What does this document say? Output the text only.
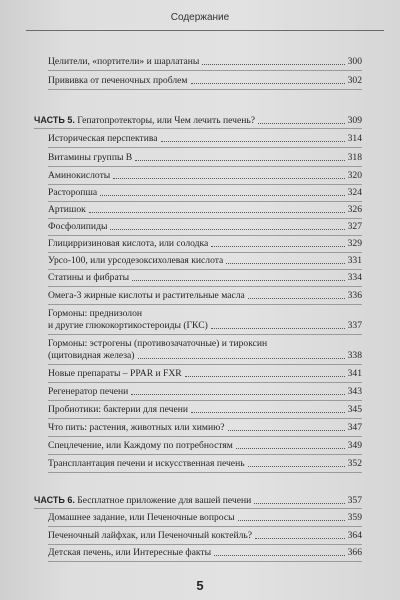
Содержание
Целители, «портители» и шарлатаны	300
Прививка от печеночных проблем	302
ЧАСТЬ 5. Гепатопротекторы, или Чем лечить печень?	309
Историческая перспектива	314
Витамины группы B	318
Аминокислоты	320
Расторопша	324
Артишок	326
Фосфолипиды	327
Глицирризиновая кислота, или солодка	329
Урсо-100, или урсодезоксихолевая кислота	331
Статины и фибраты	334
Омега-3 жирные кислоты и растительные масла	336
Гормоны: преднизолон
и другие глюкокортикостероиды (ГКС)	337
Гормоны: эстрогены (противозачаточные) и тироксин
(щитовидная железа)	338
Новые препараты – PPAR и FXR	341
Регенератор печени	343
Пробиотики: бактерии для печени	345
Что пить: растения, животных или химию?	347
Спецлечение, или Каждому по потребностям	349
Трансплантация печени и искусственная печень	352
ЧАСТЬ 6. Бесплатное приложение для вашей печени	357
Домашнее задание, или Печеночные вопросы	359
Печеночный лайфхак, или Печеночный коктейль?	364
Детская печень, или Интересные факты	366
5
